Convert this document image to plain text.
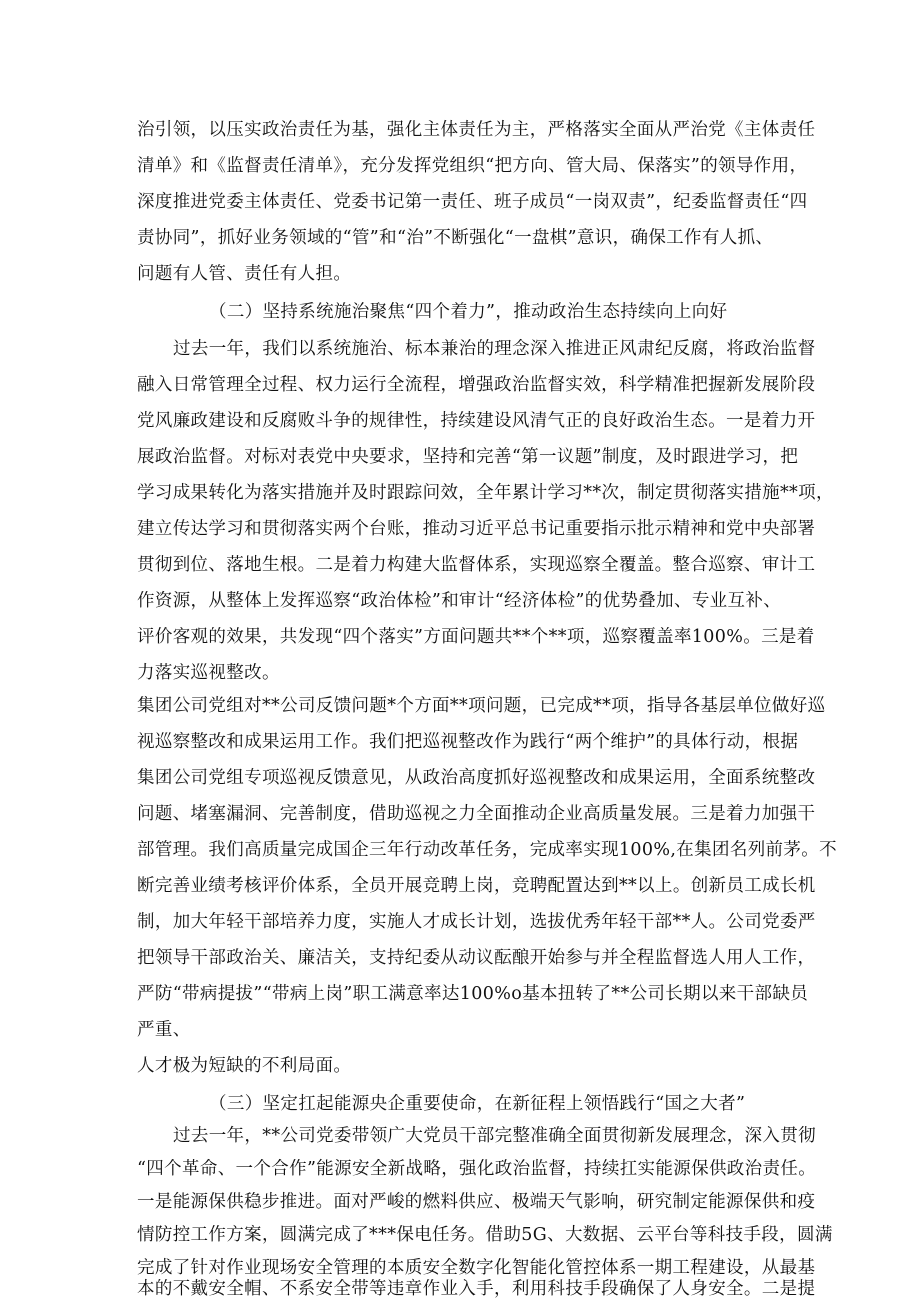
治引领，以压实政治责任为基，强化主体责任为主，严格落实全面从严治党《主体责任
清单》和《监督责任清单》，充分发挥党组织“把方向、管大局、保落实”的领导作用，
深度推进党委主体责任、党委书记第一责任、班子成员“一岗双责”，纪委监督责任“四
责协同”，抓好业务领域的“管”和“治”不断强化“一盘棋”意识，确保工作有人抓、
问题有人管、责任有人担。
（二）坚持系统施治聚焦“四个着力”，推动政治生态持续向上向好
过去一年，我们以系统施治、标本兼治的理念深入推进正风肃纪反腐，将政治监督
融入日常管理全过程、权力运行全流程，增强政治监督实效，科学精准把握新发展阶段
党风廉政建设和反腐败斗争的规律性，持续建设风清气正的良好政治生态。一是着力开
展政治监督。对标对表党中央要求，坚持和完善“第一议题”制度，及时跟进学习，把
学习成果转化为落实措施并及时跟踪问效，全年累计学习**次，制定贯彻落实措施**项，
建立传达学习和贯彻落实两个台账，推动习近平总书记重要指示批示精神和党中央部署
贯彻到位、落地生根。二是着力构建大监督体系，实现巡察全覆盖。整合巡察、审计工
作资源，从整体上发挥巡察“政治体检”和审计“经济体检”的优势叠加、专业互补、
评价客观的效果，共发现“四个落实”方面问题共**个**项，巡察覆盖率100%。三是着
力落实巡视整改。
集团公司党组对**公司反馈问题*个方面**项问题，已完成**项，指导各基层单位做好巡
视巡察整改和成果运用工作。我们把巡视整改作为践行“两个维护”的具体行动，根据
集团公司党组专项巡视反馈意见，从政治高度抓好巡视整改和成果运用，全面系统整改
问题、堵塞漏洞、完善制度，借助巡视之力全面推动企业高质量发展。三是着力加强干
部管理。我们高质量完成国企三年行动改革任务，完成率实现100%,在集团名列前茅。不
断完善业绩考核评价体系，全员开展竞聘上岗，竞聘配置达到**以上。创新员工成长机
制，加大年轻干部培养力度，实施人才成长计划，选拔优秀年轻干部**人。公司党委严
把领导干部政治关、廉洁关，支持纪委从动议酝酿开始参与并全程监督选人用人工作，
严防“带病提拔”“带病上岗”职工满意率达100%o基本扭转了**公司长期以来干部缺员
严重、
人才极为短缺的不利局面。
（三）坚定扛起能源央企重要使命，在新征程上领悟践行“国之大者”
过去一年，**公司党委带领广大党员干部完整准确全面贯彻新发展理念，深入贯彻
“四个革命、一个合作”能源安全新战略，强化政治监督，持续扛实能源保供政治责任。
一是能源保供稳步推进。面对严峻的燃料供应、极端天气影响，研究制定能源保供和疫
情防控工作方案，圆满完成了***保电任务。借助5G、大数据、云平台等科技手段，圆满
完成了针对作业现场安全管理的本质安全数字化智能化管控体系一期工程建设，从最基
本的不戴安全帽、不系安全带等违章作业入手，利用科技手段确保了人身安全。二是提
